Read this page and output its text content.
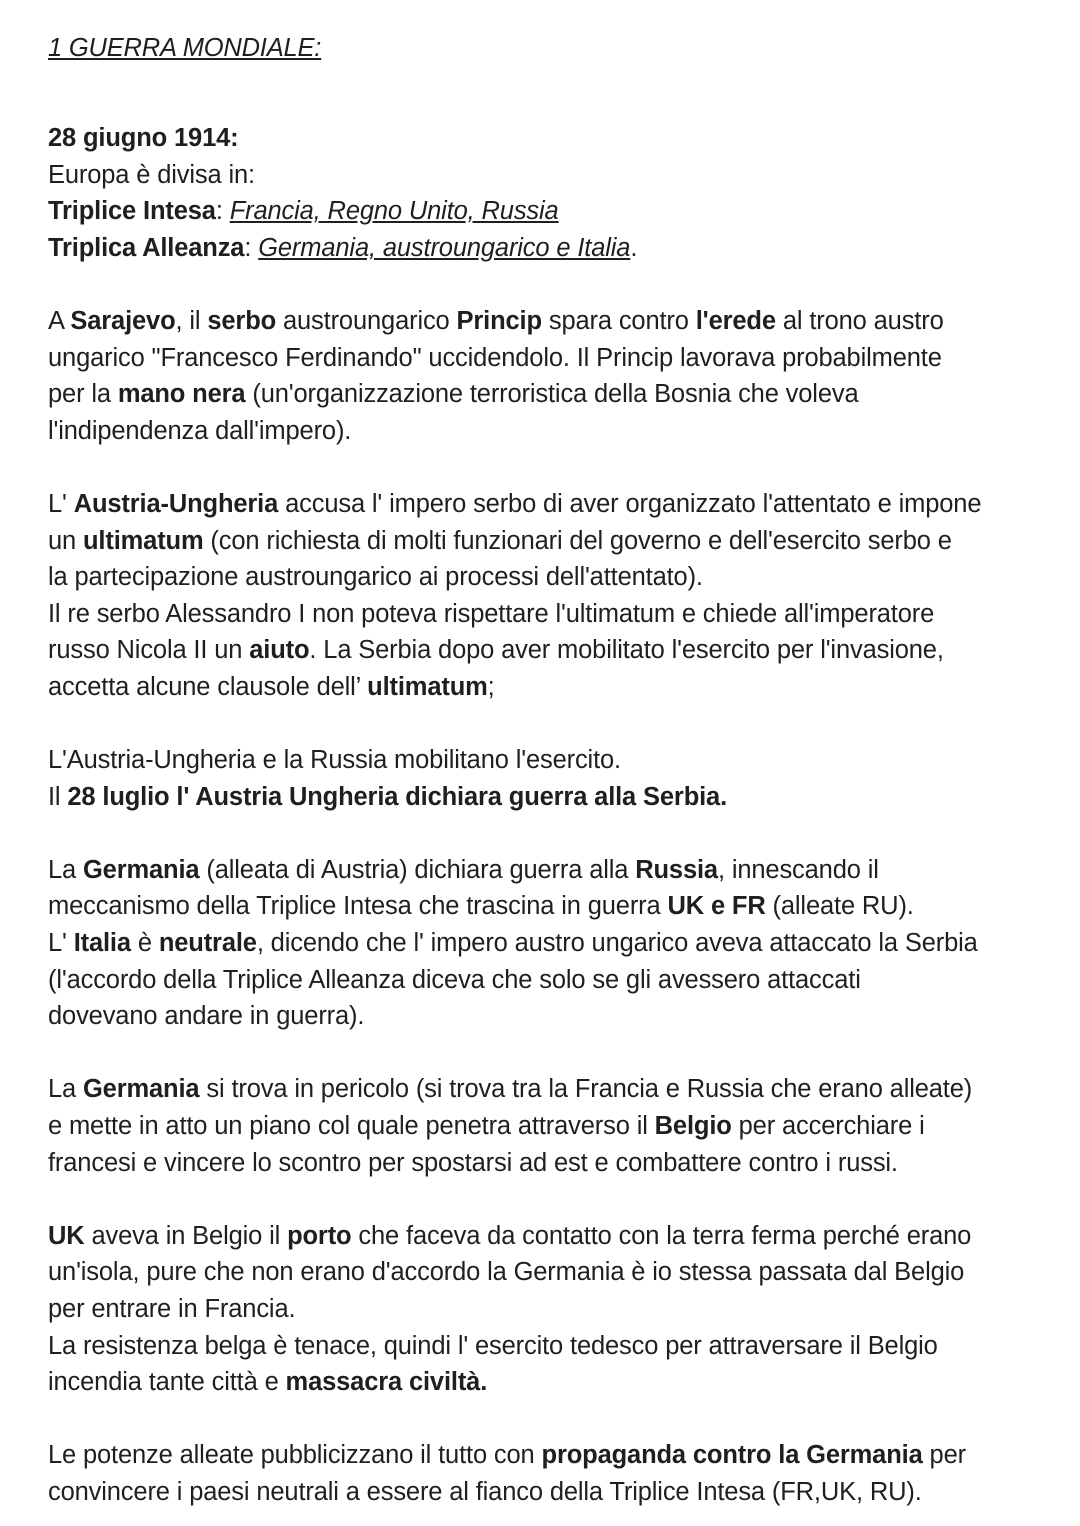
1 GUERRA MONDIALE:
28 giugno 1914:
Europa è divisa in:
Triplice Intesa: Francia, Regno Unito, Russia
Triplica Alleanza: Germania, austroungarico e Italia.
A Sarajevo, il serbo austroungarico Princip spara contro l'erede al trono austro
ungarico "Francesco Ferdinando" uccidendolo. Il Princip lavorava probabilmente
per la mano nera (un'organizzazione terroristica della Bosnia che voleva
l'indipendenza dall'impero).
L' Austria-Ungheria accusa l' impero serbo di aver organizzato l'attentato e impone
un ultimatum (con richiesta di molti funzionari del governo e dell'esercito serbo e
la partecipazione austroungarico ai processi dell'attentato).
Il re serbo Alessandro I non poteva rispettare l'ultimatum e chiede all'imperatore
russo Nicola II un aiuto. La Serbia dopo aver mobilitato l'esercito per l'invasione,
accetta alcune clausole dell’ ultimatum;
L'Austria-Ungheria e la Russia mobilitano l'esercito.
Il 28 luglio l' Austria Ungheria dichiara guerra alla Serbia.
La Germania (alleata di Austria) dichiara guerra alla Russia, innescando il
meccanismo della Triplice Intesa che trascina in guerra UK e FR (alleate RU).
L' Italia è neutrale, dicendo che l' impero austro ungarico aveva attaccato la Serbia
(l'accordo della Triplice Alleanza diceva che solo se gli avessero attaccati
dovevano andare in guerra).
La Germania si trova in pericolo (si trova tra la Francia e Russia che erano alleate)
e mette in atto un piano col quale penetra attraverso il Belgio per accerchiare i
francesi e vincere lo scontro per spostarsi ad est e combattere contro i russi.
UK aveva in Belgio il porto che faceva da contatto con la terra ferma perché erano
un'isola, pure che non erano d'accordo la Germania è io stessa passata dal Belgio
per entrare in Francia.
La resistenza belga è tenace, quindi l' esercito tedesco per attraversare il Belgio
incendia tante città e massacra civiltà.
Le potenze alleate pubblicizzano il tutto con propaganda contro la Germania per
convincere i paesi neutrali a essere al fianco della Triplice Intesa (FR,UK, RU).
